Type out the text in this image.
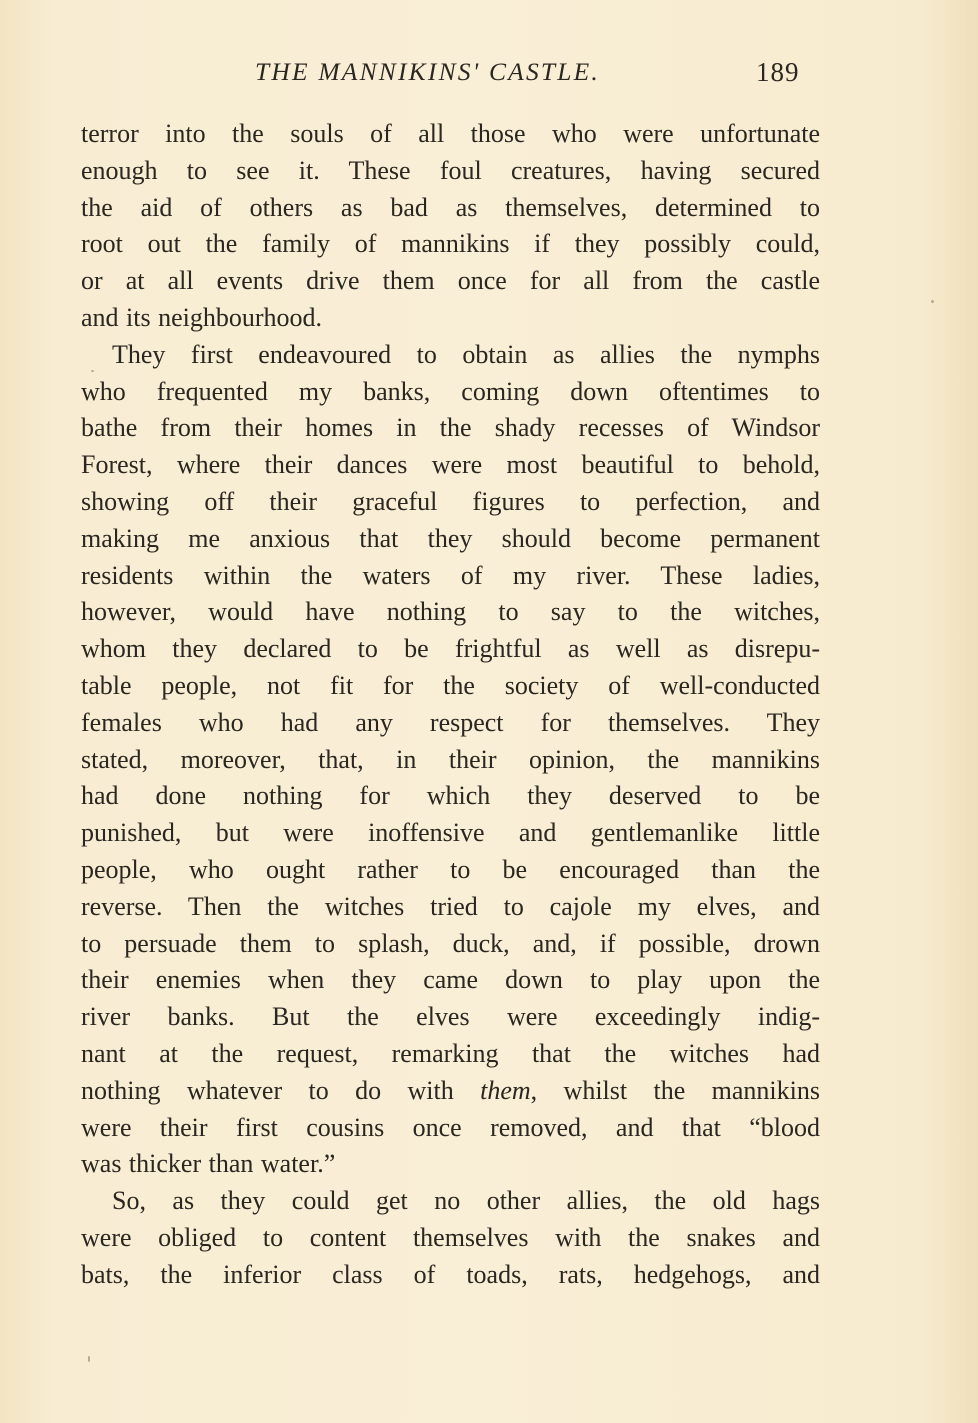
THE MANNIKINS' CASTLE.	189

terror into the souls of all those who were unfortunate
enough to see it. These foul creatures, having secured
the aid of others as bad as themselves, determined to
root out the family of mannikins if they possibly could,
or at all events drive them once for all from the castle
and its neighbourhood.

They first endeavoured to obtain as allies the nymphs
who frequented my banks, coming down oftentimes to
bathe from their homes in the shady recesses of Windsor
Forest, where their dances were most beautiful to behold,
showing off their graceful figures to perfection, and
making me anxious that they should become permanent
residents within the waters of my river. These ladies,
however, would have nothing to say to the witches,
whom they declared to be frightful as well as disrepu-
table people, not fit for the society of well-conducted
females who had any respect for themselves. They
stated, moreover, that, in their opinion, the mannikins
had done nothing for which they deserved to be
punished, but were inoffensive and gentlemanlike little
people, who ought rather to be encouraged than the
reverse. Then the witches tried to cajole my elves, and
to persuade them to splash, duck, and, if possible, drown
their enemies when they came down to play upon the
river banks. But the elves were exceedingly indig-
nant at the request, remarking that the witches had
nothing whatever to do with them, whilst the mannikins
were their first cousins once removed, and that “blood
was thicker than water.”

So, as they could get no other allies, the old hags
were obliged to content themselves with the snakes and
bats, the inferior class of toads, rats, hedgehogs, and
